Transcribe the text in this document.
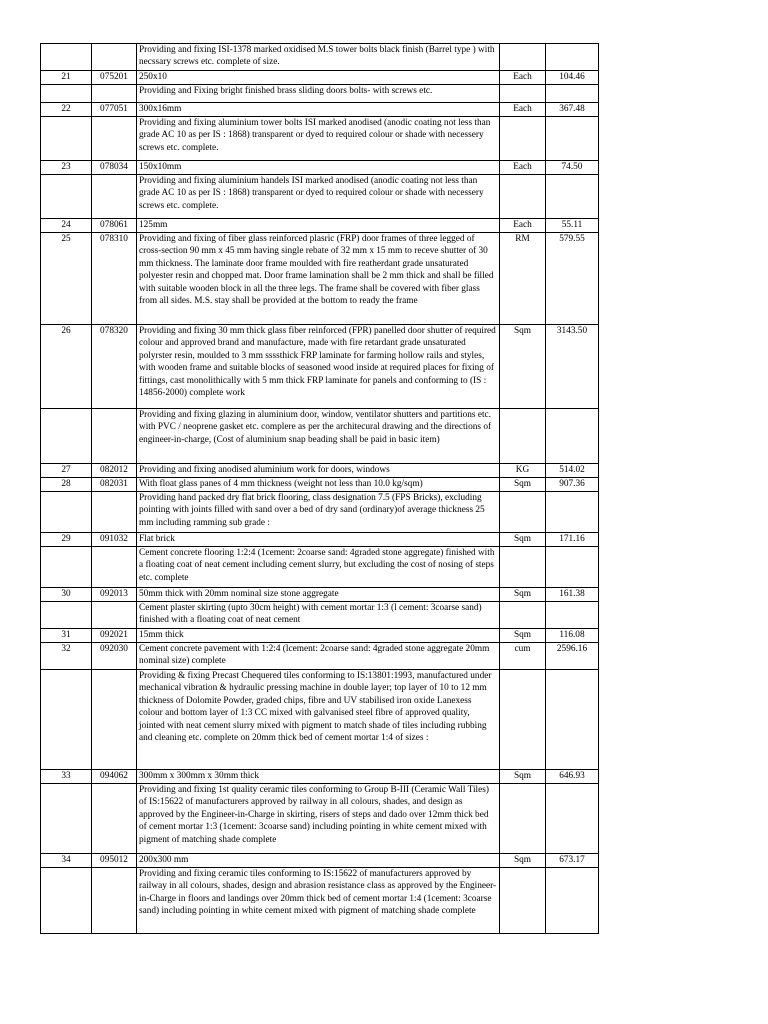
		Providing and fixing ISI-1378 marked oxidised M.S tower bolts black finish (Barrel type ) with necssary screws etc. complete of size.		
21	075201	250x10	Each	104.46
		Providing and Fixing bright finished brass sliding doors bolts- with screws etc.		
22	077051	300x16mm	Each	367.48
		Providing and fixing aluminium tower bolts ISI marked anodised (anodic coating not less than grade AC 10 as per IS : 1868) transparent or dyed to required colour or shade with necessery screws etc. complete.		
23	078034	150x10mm	Each	74.50
		Providing and fixing aluminium handels ISI marked anodised (anodic coating not less than grade AC 10 as per IS : 1868) transparent or dyed to required colour or shade with necessery screws etc. complete.		
24	078061	125mm	Each	55.11
25	078310	Providing and fixing of fiber glass reinforced plasric (FRP) door frames of three legged of cross-section 90 mm x 45 mm having single rebate of 32 mm x 15 mm to receve shutter of 30 mm thickness. The laminate door frame moulded with fire reatherdant grade unsaturated polyester resin and chopped mat. Door frame lamination shall be 2 mm thick and shall be filled with suitable wooden block in all the three legs. The frame shall be covered with fiber glass from all sides. M.S. stay shall be provided at the bottom to ready the frame	RM	579.55
26	078320	Providing and fixing 30 mm thick glass fiber reinforced (FPR) panelled door shutter of required colour and approved brand and manufacture, made with fire retardant grade unsaturated polyrster resin, moulded to 3 mm ssssthick FRP laminate for farming hollow rails and styles, with wooden frame and suitable blocks of seasoned wood inside at required places for fixing of fittings, cast monolithically with 5 mm thick FRP laminate for panels and conforming to (IS : 14856-2000) complete work	Sqm	3143.50
		Providing and fixing glazing in aluminium door, window, ventilator shutters and partitions etc. with PVC / neoprene gasket etc. complere as per the architecural drawing and the directions of engineer-in-charge, (Cost of aluminium snap beading shall be paid in basic item)		
27	082012	Providing and fixing anodised aluminium work for doors, windows	KG	514.02
28	082031	With float glass panes of 4 mm thickness (weight not less than 10.0 kg/sqm)	Sqm	907.36
		Providing hand packed dry flat brick flooring, class designation 7.5 (FPS Bricks), excluding pointing with joints filled with sand over a bed of dry sand (ordinary)of average thickness 25 mm including ramming sub grade :		
29	091032	Flat brick	Sqm	171.16
		Cement concrete flooring 1:2:4 (1cement: 2coarse sand: 4graded stone aggregate) finished with a floating coat of neat cement including cement slurry, but excluding the cost of nosing of steps etc. complete		
30	092013	50mm thick with 20mm nominal size stone aggregate	Sqm	161.38
		Cement plaster skirting (upto 30cm height) with cement mortar 1:3 (l cement: 3coarse sand) finished with a floating coat of neat cement		
31	092021	15mm thick	Sqm	116.08
32	092030	Cement concrete pavement with 1:2:4 (lcement: 2coarse sand: 4graded stone aggregate 20mm nominal size) complete	cum	2596.16
		Providing & fixing Precast Chequered tiles conforming to IS:13801:1993, manufactured under mechanical vibration & hydraulic pressing machine in double layer; top layer of 10 to 12 mm thickness of Dolomite Powder, graded chips, fibre and UV stabilised iron oxide Lanexess colour and bottom layer of 1:3 CC mixed with galvanised steel fibre of approved quality, jointed with neat cement slurry mixed with pigment to match shade of tiles including rubbing and cleaning etc. complete on 20mm thick bed of cement mortar 1:4 of sizes :		
33	094062	300mm x 300mm x 30mm thick	Sqm	646.93
		Providing and fixing 1st quality ceramic tiles conforming to Group B-III (Ceramic Wall Tiles) of IS:15622 of manufacturers approved by railway in all colours, shades, and design as approved by the Engineer-in-Charge in skirting, risers of steps and dado over 12mm thick bed of cement mortar 1:3 (1cement: 3coarse sand) including pointing in white cement mixed with pigment of matching shade complete		
34	095012	200x300 mm	Sqm	673.17
		Providing and fixing ceramic tiles conforming to IS:15622 of manufacturers approved by railway in all colours, shades, design and abrasion resistance class as approved by the Engineer-in-Charge in floors and landings over 20mm thick bed of cement mortar 1:4 (1cement: 3coarse sand) including pointing in white cement mixed with pigment of matching shade complete		
